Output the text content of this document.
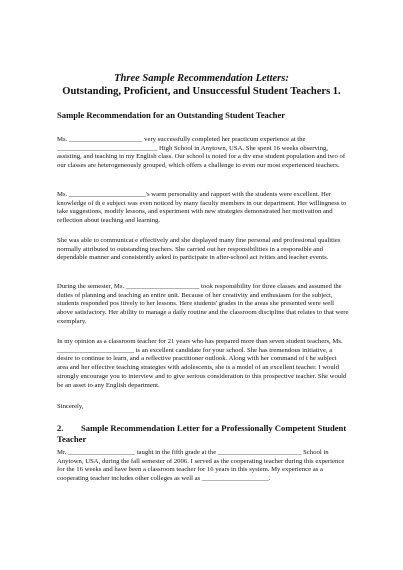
Three Sample Recommendation Letters:
Outstanding, Proficient, and Unsuccessful Student Teachers 1.
Sample Recommendation for an Outstanding Student Teacher
Ms. ______________________ very successfully completed her practicum experience at the ______________________________ High School in Anytown, USA. She spent 16 weeks observing, assisting, and teaching in my English class. Our school is noted for a div erse student population and two of our classes are heterogeneously grouped, which offers a challenge to even our most experienced teachers.
Ms. _______________________'s warm personality and rapport with the students were excellent. Her knowledge of th e subject was even noticed by many faculty members in our department. Her willingness to take suggestions, modify lessons, and experiment with new strategies demonstrated her motivation and reflection about teaching and learning.
She was able to communicat e effectively and she displayed many fine personal and professional qualities normally attributed to outstanding teachers. She carried out her responsibilities in a responsible and dependable manner and consistently asked to participate in after-school act ivities and teacher events.
During the semester, Ms. ______________________ took responsibility for three classes and assumed the duties of planning and teaching an entire unit. Because of her creativity and enthusiasm for the subject, students responded pos itively to her lessons. Here students' grades in the areas she presented were well above satisfactory. Her ability to manage a daily routine and the classroom discipline that relates to that were exemplary.
In my opinion as a classroom teacher for 21 years who has prepared more than seven student teachers, Ms. _______________________ is an excellent candidate for your school. She has tremendous initiative, a desire to continue to learn, and a reflective practitioner outlook. Along with her command of t he subject area and her effective teaching strategies with adolescents, she is a model of an excellent teacher. I would strongly encourage you to interview and to give serious consideration to this prospective teacher. She would be an asset to any English department.
Sincerely,
2. Sample Recommendation Letter for a Professionally Competent Student Teacher
Mr. ____________________ taught in the fifth grade at the _________________________ School in Anytown, USA, during the fall semester of 2006. I served as the cooperating teacher during this experience for the 16 weeks and have been a classroom teacher for 16 years in this system. My experience as a cooperating teacher includes other colleges as well as ____________________.
